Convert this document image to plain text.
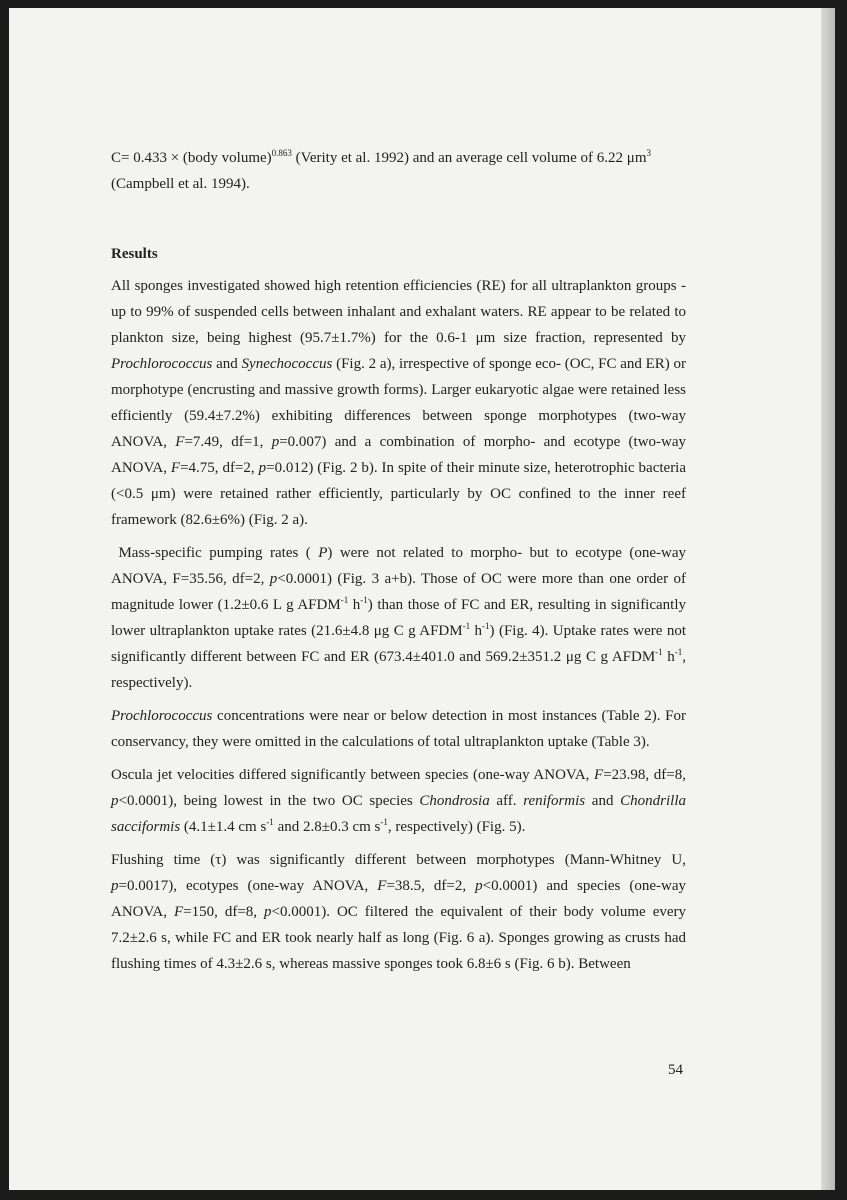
C= 0.433 × (body volume)$^{0.863}$ (Verity et al. 1992) and an average cell volume of 6.22 $\mu m^3$
(Campbell et al. 1994).

Results

All sponges investigated showed high retention efficiencies (RE) for all ultraplankton groups - up to 99% of suspended cells between inhalant and exhalant waters. RE appear to be related to plankton size, being highest (95.7±1.7%) for the 0.6-1 μm size fraction, represented by Prochlorococcus and Synechococcus (Fig. 2 a), irrespective of sponge eco- (OC, FC and ER) or morphotype (encrusting and massive growth forms). Larger eukaryotic algae were retained less efficiently (59.4±7.2%) exhibiting differences between sponge morphotypes (two-way ANOVA, F=7.49, df=1, p=0.007) and a combination of morpho- and ecotype (two-way ANOVA, F=4.75, df=2, p=0.012) (Fig. 2 b). In spite of their minute size, heterotrophic bacteria (<0.5 μm) were retained rather efficiently, particularly by OC confined to the inner reef framework (82.6±6%) (Fig. 2 a).

Mass-specific pumping rates ( P) were not related to morpho- but to ecotype (one-way ANOVA, F=35.56, df=2, p<0.0001) (Fig. 3 a+b). Those of OC were more than one order of magnitude lower (1.2±0.6 L g $AFDM^{-1}$ $h^{-1}$) than those of FC and ER, resulting in significantly lower ultraplankton uptake rates (21.6±4.8 μg C g $AFDM^{-1}$ $h^{-1}$) (Fig. 4). Uptake rates were not significantly different between FC and ER (673.4±401.0 and 569.2±351.2 μg C g $AFDM^{-1}$ $h^{-1}$, respectively).

Prochlorococcus concentrations were near or below detection in most instances (Table 2). For conservancy, they were omitted in the calculations of total ultraplankton uptake (Table 3).

Oscula jet velocities differed significantly between species (one-way ANOVA, F=23.98, df=8, p<0.0001), being lowest in the two OC species Chondrosia aff. reniformis and Chondrilla sacciformis (4.1±1.4 cm $s^{-1}$ and 2.8±0.3 cm $s^{-1}$, respectively) (Fig. 5).

Flushing time (τ) was significantly different between morphotypes (Mann-Whitney U, p=0.0017), ecotypes (one-way ANOVA, F=38.5, df=2, p<0.0001) and species (one-way ANOVA, F=150, df=8, p<0.0001). OC filtered the equivalent of their body volume every 7.2±2.6 s, while FC and ER took nearly half as long (Fig. 6 a). Sponges growing as crusts had flushing times of 4.3±2.6 s, whereas massive sponges took 6.8±6 s (Fig. 6 b). Between

54
